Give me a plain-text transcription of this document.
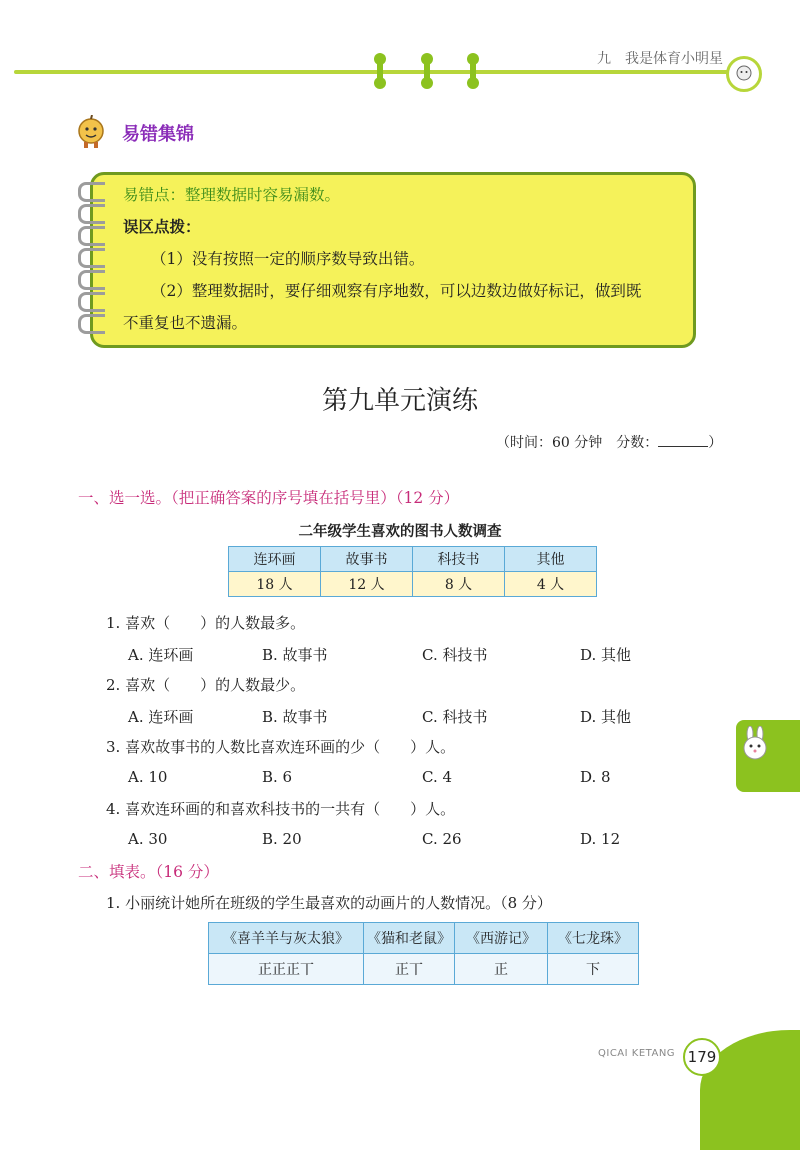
九　我是体育小明星
易错集锦
易错点：整理数据时容易漏数。
误区点拨：
（1）没有按照一定的顺序数导致出错。
（2）整理数据时，要仔细观察有序地数，可以边数边做好标记，做到既
不重复也不遗漏。
第九单元演练
（时间：60 分钟　分数：	）
一、选一选。（把正确答案的序号填在括号里）（12 分）
二年级学生喜欢的图书人数调查
连环画	故事书	科技书	其他
18 人	12 人	8 人	4 人
1. 喜欢（　　）的人数最多。
A. 连环画	B. 故事书	C. 科技书	D. 其他
2. 喜欢（　　）的人数最少。
A. 连环画	B. 故事书	C. 科技书	D. 其他
3. 喜欢故事书的人数比喜欢连环画的少（　　）人。
A. 10	B. 6	C. 4	D. 8
4. 喜欢连环画的和喜欢科技书的一共有（　　）人。
A. 30	B. 20	C. 26	D. 12
二、填表。（16 分）
1. 小丽统计她所在班级的学生最喜欢的动画片的人数情况。（8 分）
《喜羊羊与灰太狼》	《猫和老鼠》	《西游记》	《七龙珠》
正正正丅	正丅	正	下
QICAI KETANG 179
